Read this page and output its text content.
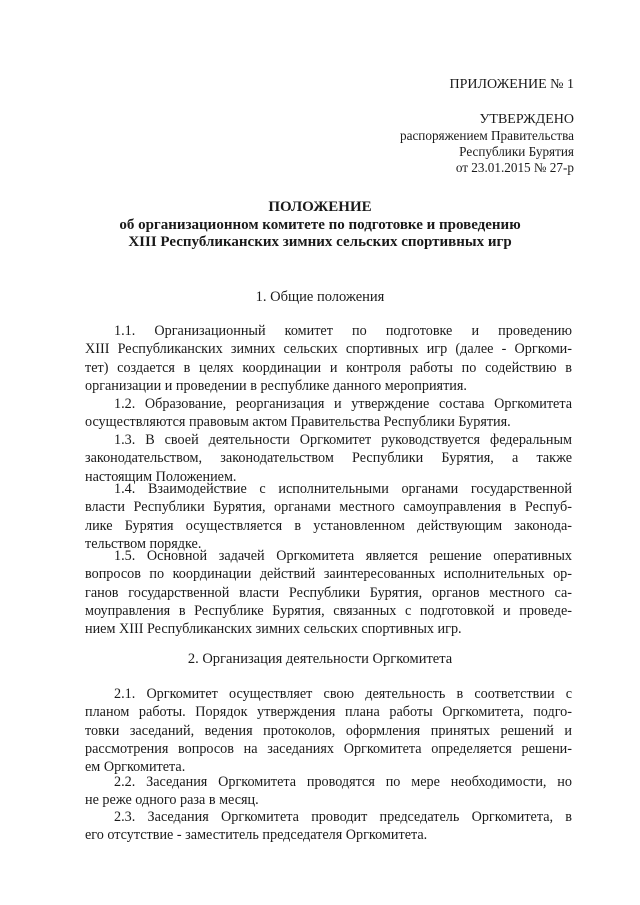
ПРИЛОЖЕНИЕ № 1
УТВЕРЖДЕНО
распоряжением Правительства
Республики Бурятия
от 23.01.2015 № 27-р
ПОЛОЖЕНИЕ
об организационном комитете по подготовке и проведению
XIII Республиканских зимних сельских спортивных игр
1. Общие положения
1.1. Организационный комитет по подготовке и проведению
XIII Республиканских зимних сельских спортивных игр (далее - Оргкоми-
тет) создается в целях координации и контроля работы по содействию в
организации и проведении в республике данного мероприятия.
1.2. Образование, реорганизация и утверждение состава Оргкомитета
осуществляются правовым актом Правительства Республики Бурятия.
1.3. В своей деятельности Оргкомитет руководствуется федеральным
законодательством, законодательством Республики Бурятия, а также
настоящим Положением.
1.4. Взаимодействие с исполнительными органами государственной
власти Республики Бурятия, органами местного самоуправления в Респуб-
лике Бурятия осуществляется в установленном действующим законода-
тельством порядке.
1.5. Основной задачей Оргкомитета является решение оперативных
вопросов по координации действий заинтересованных исполнительных ор-
ганов государственной власти Республики Бурятия, органов местного са-
моуправления в Республике Бурятия, связанных с подготовкой и проведе-
нием XIII Республиканских зимних сельских спортивных игр.
2. Организация деятельности Оргкомитета
2.1. Оргкомитет осуществляет свою деятельность в соответствии с
планом работы. Порядок утверждения плана работы Оргкомитета, подго-
товки заседаний, ведения протоколов, оформления принятых решений и
рассмотрения вопросов на заседаниях Оргкомитета определяется решени-
ем Оргкомитета.
2.2. Заседания Оргкомитета проводятся по мере необходимости, но
не реже одного раза в месяц.
2.3. Заседания Оргкомитета проводит председатель Оргкомитета, в
его отсутствие - заместитель председателя Оргкомитета.
